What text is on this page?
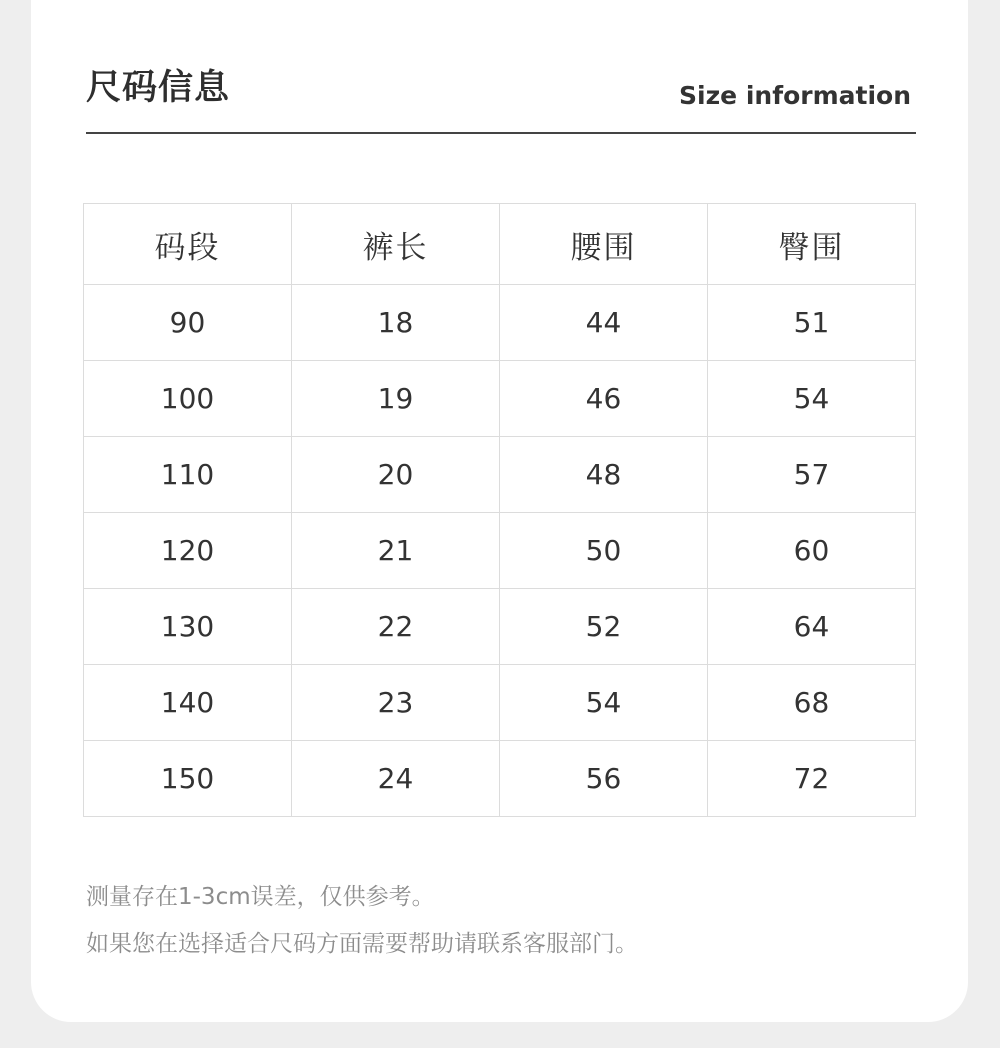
尺码信息	Size information
码段	裤长	腰围	臀围
90	18	44	51
100	19	46	54
110	20	48	57
120	21	50	60
130	22	52	64
140	23	54	68
150	24	56	72
测量存在1-3cm误差，仅供参考。
如果您在选择适合尺码方面需要帮助请联系客服部门。
